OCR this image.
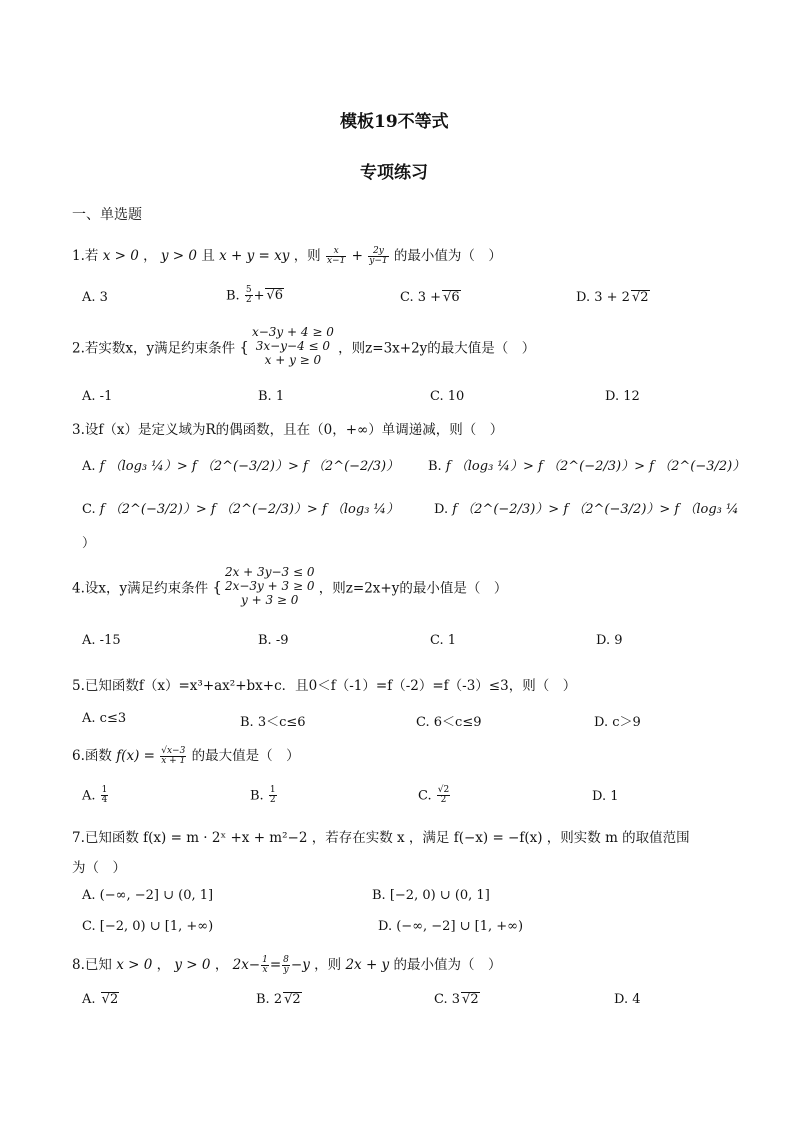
模板19不等式
专项练习
一、单选题
1.若 x > 0 ， y > 0 且 x + y = xy ，则 $\frac{x}{x-1} + \frac{2y}{y-1}$ 的最小值为（　）
A. 3	B. $\frac{5}{2} + √6$	C. 3 + √6	D. 3 + 2 √2
2.若实数x，y满足约束条件 {
x−3y + 4 ≥ 0
3x−y−4 ≤ 0
x + y ≥ 0
，则z=3x+2y的最大值是（　）
A. -1	B. 1	C. 10	D. 12
3.设f（x）是定义域为R的偶函数，且在（0，+∞）单调递减，则（　）
A. f （log₃ ¼）> f （2^(−3/2)）> f （2^(−2/3)） B. f （log₃ ¼）> f （2^(−2/3)）> f （2^(−3/2)）
C. f （2^(−3/2)）> f （2^(−2/3)）> f （log₃ ¼）	D. f （2^(−2/3)）> f （2^(−3/2)）> f （log₃ ¼
）
4.设x，y满足约束条件 {
2x + 3y−3 ≤ 0
2x−3y + 3 ≥ 0
y + 3 ≥ 0
，则z=2x+y的最小值是（　）
A. -15	B. -9	C. 1	D. 9
5.已知函数f（x）=x³+ax²+bx+c．且0＜f（-1）=f（-2）=f（-3）≤3，则（　）
A. c≤3	B. 3＜c≤6	C. 6＜c≤9	D. c＞9
6.函数 $f(x) = \frac{√x-3}{x + 1}$ 的最大值是（　）
A. $\frac{1}{4}$	B. $\frac{1}{2}$	C. $\frac{√2}{2}$	D. 1
7.已知函数 f(x) = m · 2ˣ +x + m²−2 ，若存在实数 x ，满足 f(−x) = −f(x) ，则实数 m 的取值范围
为（　）
A. (−∞, −2] ∪ (0, 1]	B. [−2, 0) ∪ (0, 1]
C. [−2, 0) ∪ [1, +∞)	D. (−∞, −2] ∪ [1, +∞)
8.已知 x > 0 ， y > 0 ， $2x- \frac{1}{x} = \frac{8}{y} -y$ ，则 2x + y 的最小值为（　）
A. √2	B. 2 √2	C. 3 √2	D. 4
